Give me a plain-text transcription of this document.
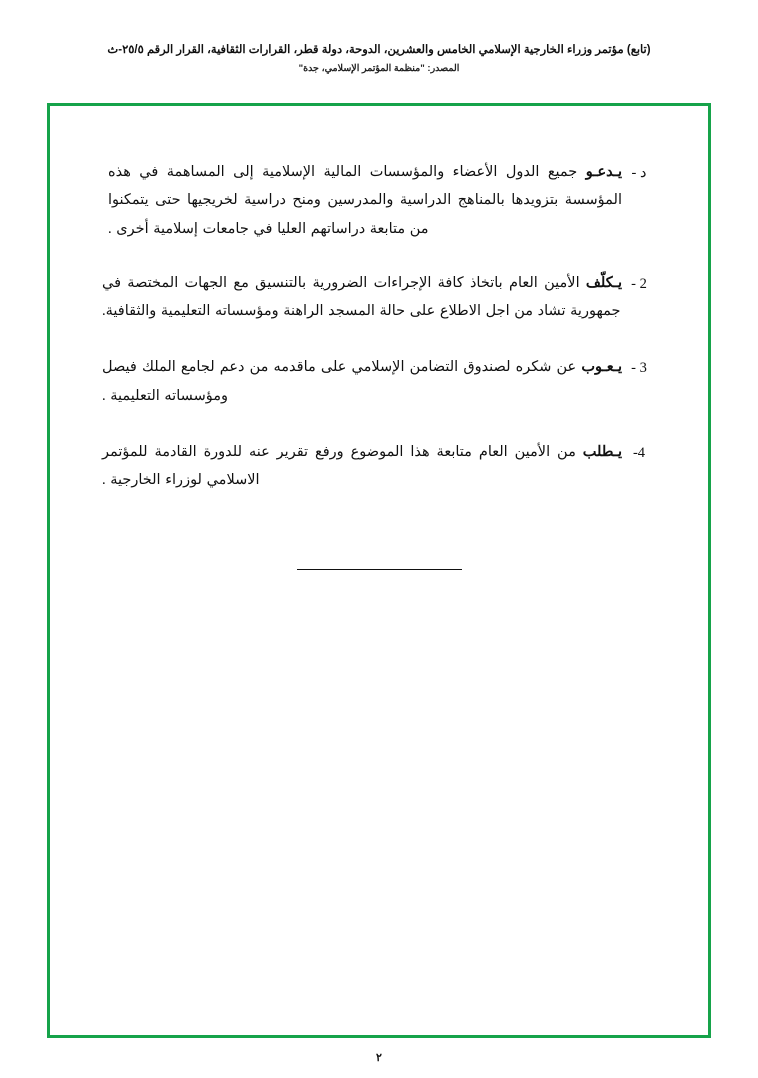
(تابع) مؤتمر وزراء الخارجية الإسلامي الخامس والعشرين، الدوحة، دولة قطر، القرارات الثقافية، القرار الرقم ٢٥/٥-ث
المصدر: "منظمة المؤتمر الإسلامي، جدة"
د -
يـدعـو جميع الدول الأعضاء والمؤسسات المالية الإسلامية إلى المساهمة في هذه المؤسسة بتزويدها بالمناهج الدراسية والمدرسين ومنح دراسية لخريجيها حتى يتمكنوا من متابعة دراساتهم العليا في جامعات إسلامية أخرى .
2 -
يـكلّف الأمين العام باتخاذ كافة الإجراءات الضرورية بالتنسيق مع الجهات المختصة في جمهورية تشاد من اجل الاطلاع على حالة المسجد الراهنة ومؤسساته التعليمية والثقافية.
3 -
يـعـوب عن شكره لصندوق التضامن الإسلامي على ماقدمه من دعم لجامع الملك فيصل ومؤسساته التعليمية .
4-
يـطلب من الأمين العام متابعة هذا الموضوع ورفع تقرير عنه للدورة القادمة للمؤتمر الاسلامي لوزراء الخارجية .
٢
